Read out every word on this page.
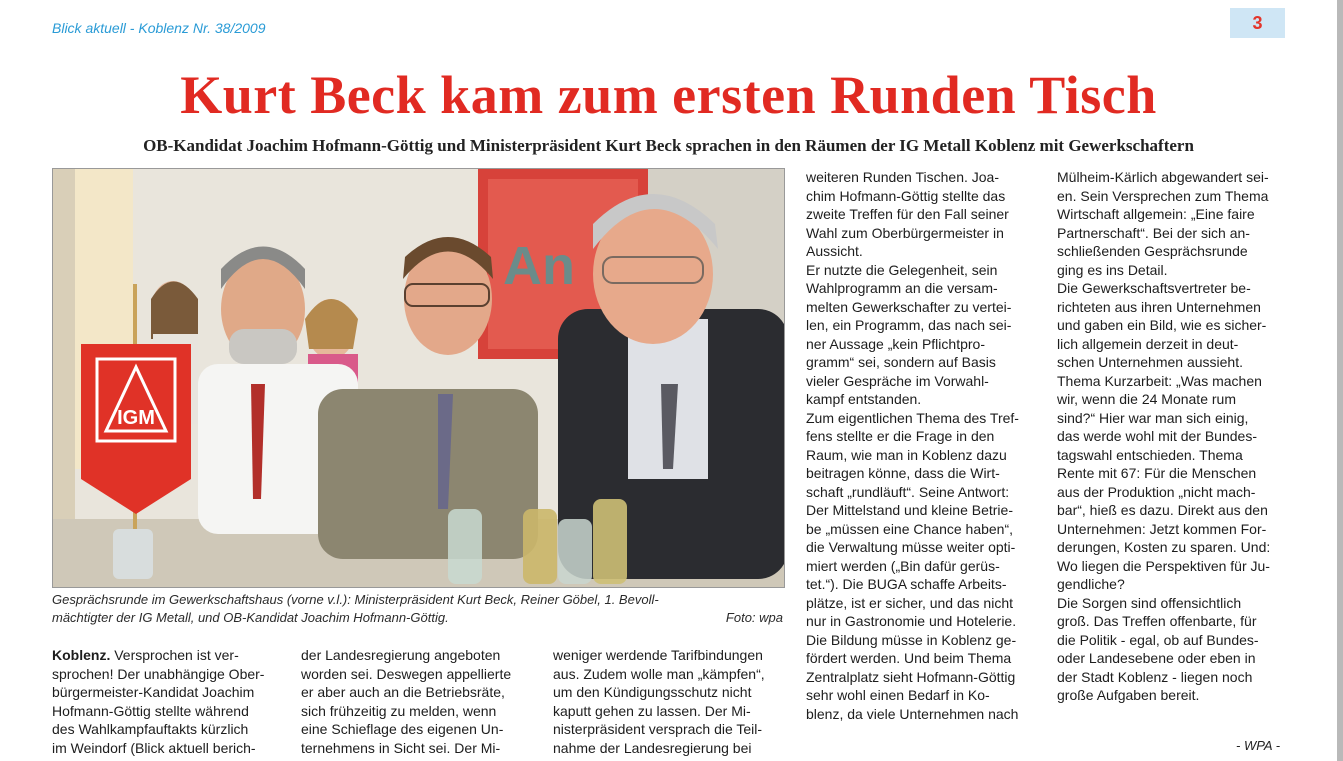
Blick aktuell - Koblenz Nr. 38/2009	3
Kurt Beck kam zum ersten Runden Tisch
OB-Kandidat Joachim Hofmann-Göttig und Ministerpräsident Kurt Beck sprachen in den Räumen der IG Metall Koblenz mit Gewerkschaftern
An
IGM
Gesprächsrunde im Gewerkschaftshaus (vorne v.l.): Ministerpräsident Kurt Beck, Reiner Göbel, 1. Bevoll-
mächtigter der IG Metall, und OB-Kandidat Joachim Hofmann-Göttig.	Foto: wpa
Koblenz. Versprochen ist ver-
sprochen! Der unabhängige Ober-
bürgermeister-Kandidat Joachim
Hofmann-Göttig stellte während
des Wahlkampfauftakts kürzlich
im Weindorf (Blick aktuell berich-
der Landesregierung angeboten
worden sei. Deswegen appellierte
er aber auch an die Betriebsräte,
sich frühzeitig zu melden, wenn
eine Schieflage des eigenen Un-
ternehmens in Sicht sei. Der Mi-
weniger werdende Tarifbindungen
aus. Zudem wolle man „kämpfen“,
um den Kündigungsschutz nicht
kaputt gehen zu lassen. Der Mi-
nisterpräsident versprach die Teil-
nahme der Landesregierung bei
weiteren Runden Tischen. Joa-
chim Hofmann-Göttig stellte das
zweite Treffen für den Fall seiner
Wahl zum Oberbürgermeister in
Aussicht.
Er nutzte die Gelegenheit, sein
Wahlprogramm an die versam-
melten Gewerkschafter zu vertei-
len, ein Programm, das nach sei-
ner Aussage „kein Pflichtpro-
gramm“ sei, sondern auf Basis
vieler Gespräche im Vorwahl-
kampf entstanden.
Zum eigentlichen Thema des Tref-
fens stellte er die Frage in den
Raum, wie man in Koblenz dazu
beitragen könne, dass die Wirt-
schaft „rundläuft“. Seine Antwort:
Der Mittelstand und kleine Betrie-
be „müssen eine Chance haben“,
die Verwaltung müsse weiter opti-
miert werden („Bin dafür gerüs-
tet.“). Die BUGA schaffe Arbeits-
plätze, ist er sicher, und das nicht
nur in Gastronomie und Hotelerie.
Die Bildung müsse in Koblenz ge-
fördert werden. Und beim Thema
Zentralplatz sieht Hofmann-Göttig
sehr wohl einen Bedarf in Ko-
blenz, da viele Unternehmen nach
Mülheim-Kärlich abgewandert sei-
en. Sein Versprechen zum Thema
Wirtschaft allgemein: „Eine faire
Partnerschaft“. Bei der sich an-
schließenden Gesprächsrunde
ging es ins Detail.
Die Gewerkschaftsvertreter be-
richteten aus ihren Unternehmen
und gaben ein Bild, wie es sicher-
lich allgemein derzeit in deut-
schen Unternehmen aussieht.
Thema Kurzarbeit: „Was machen
wir, wenn die 24 Monate rum
sind?“ Hier war man sich einig,
das werde wohl mit der Bundes-
tagswahl entschieden. Thema
Rente mit 67: Für die Menschen
aus der Produktion „nicht mach-
bar“, hieß es dazu. Direkt aus den
Unternehmen: Jetzt kommen For-
derungen, Kosten zu sparen. Und:
Wo liegen die Perspektiven für Ju-
gendliche?
Die Sorgen sind offensichtlich
groß. Das Treffen offenbarte, für
die Politik - egal, ob auf Bundes-
oder Landesebene oder eben in
der Stadt Koblenz - liegen noch
große Aufgaben bereit.
- WPA -
